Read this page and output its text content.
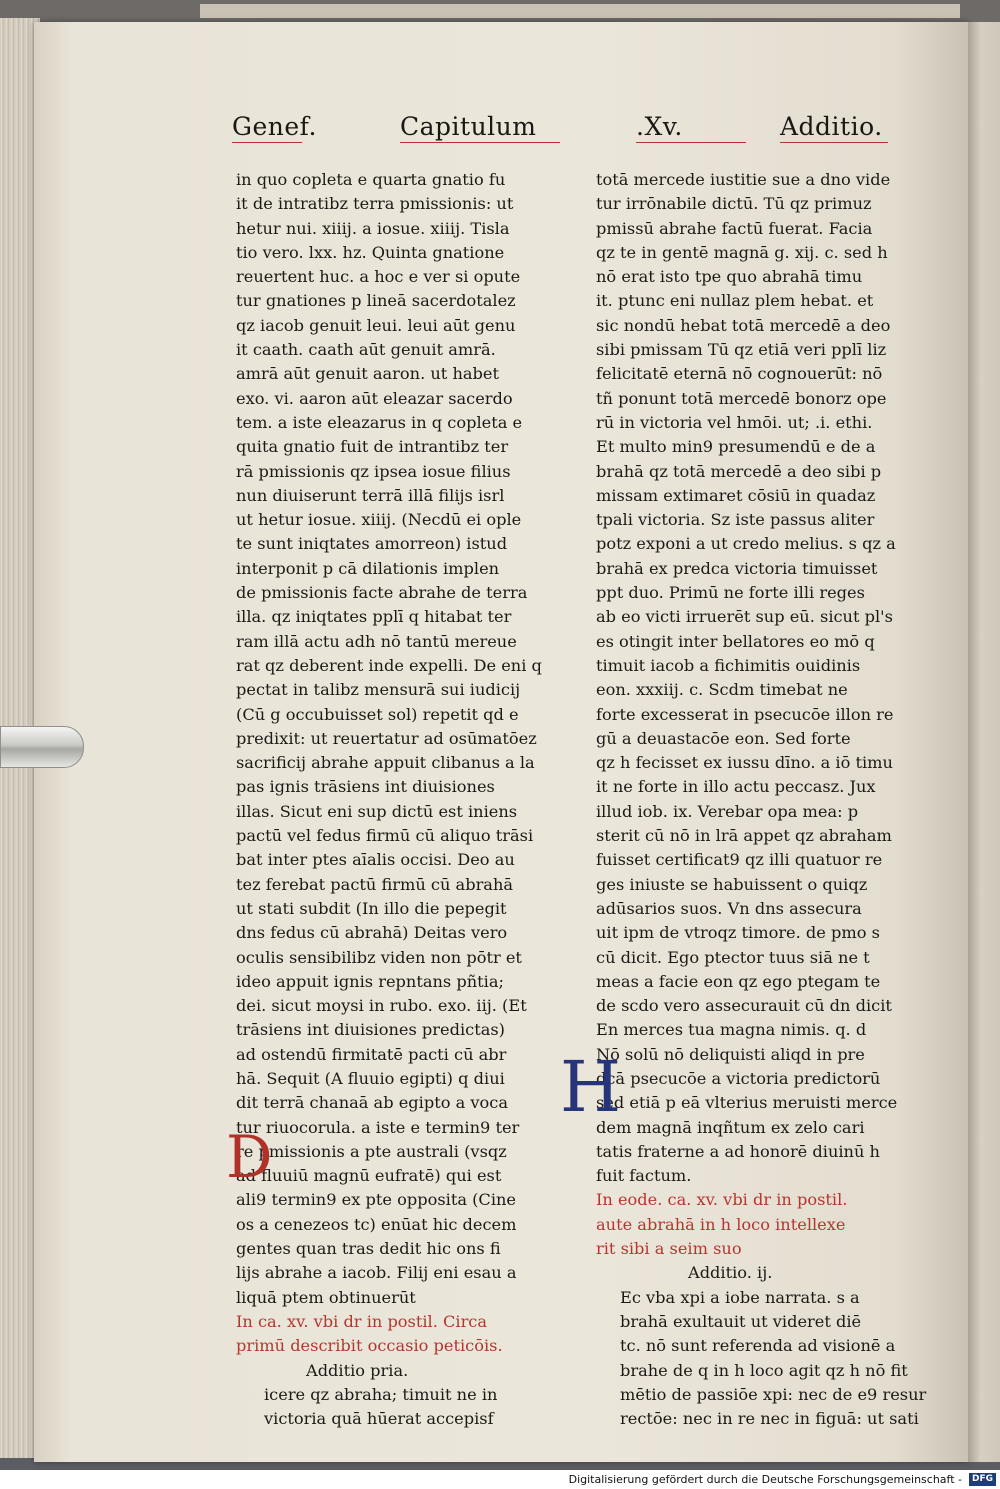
Genef.	Capitulum	.Xv.	Additio.
in quo copleta e quarta gnatio fu
it de intratibz terra pmissionis: ut
hetur nui. xiiij. a iosue. xiiij. Tisla
tio vero. lxx. hz. Quinta gnatione
reuertent huc. a hoc e ver si opute
tur gnationes p lineā sacerdotalez
qz iacob genuit leui. leui aūt genu
it caath. caath aūt genuit amrā.
amrā aūt genuit aaron. ut habet
exo. vi. aaron aūt eleazar sacerdo
tem. a iste eleazarus in q copleta e
quita gnatio fuit de intrantibz ter
rā pmissionis qz ipsea iosue filius
nun diuiserunt terrā illā filijs isrl
ut hetur iosue. xiiij. (Necdū ei ople
te sunt iniqtates amorreon) istud
interponit p cā dilationis implen
de pmissionis facte abrahe de terra
illa. qz iniqtates pplī q hitabat ter
ram illā actu adh nō tantū mereue
rat qz deberent inde expelli. De eni q
pectat in talibz mensurā sui iudicij
(Cū g occubuisset sol) repetit qd e
predixit: ut reuertatur ad osūmatōez
sacrificij abrahe appuit clibanus a la
pas ignis trāsiens int diuisiones
illas. Sicut eni sup dictū est iniens
pactū vel fedus firmū cū aliquo trāsi
bat inter ptes aīalis occisi. Deo au
tez ferebat pactū firmū cū abrahā
ut stati subdit (In illo die pepegit
dns fedus cū abrahā) Deitas vero
oculis sensibilibz viden non pōtr et
ideo appuit ignis repntans pñtia;
dei. sicut moysi in rubo. exo. iij. (Et
trāsiens int diuisiones predictas)
ad ostendū firmitatē pacti cū abr
hā. Sequit (A fluuio egipti) q diui
dit terrā chanaā ab egipto a voca
tur riuocorula. a iste e termin9 ter
re pmissionis a pte australi (vsqz
ad fluuiū magnū eufratē) qui est
ali9 termin9 ex pte opposita (Cine
os a cenezeos tc) enūat hic decem
gentes quan tras dedit hic ons fi
lijs abrahe a iacob. Filij eni esau a
liquā ptem obtinuerūt
In ca. xv. vbi dr in postil. Circa
primū describit occasio peticōis.
Additio pria.
icere qz abraha; timuit ne in
victoria quā hūerat accepisf
totā mercede iustitie sue a dno vide
tur irrōnabile dictū. Tū qz primuz
pmissū abrahe factū fuerat. Facia
qz te in gentē magnā g. xij. c. sed h
nō erat isto tpe quo abrahā timu
it. ptunc eni nullaz plem hebat. et
sic nondū hebat totā mercedē a deo
sibi pmissam Tū qz etiā veri pplī liz
felicitatē eternā nō cognouerūt: nō
tñ ponunt totā mercedē bonorz ope
rū in victoria vel hmōi. ut; .i. ethi.
Et multo min9 presumendū e de a
brahā qz totā mercedē a deo sibi p
missam extimaret cōsiū in quadaz
tpali victoria. Sz iste passus aliter
potz exponi a ut credo melius. s qz a
brahā ex predca victoria timuisset
ppt duo. Primū ne forte illi reges
ab eo victi irruerēt sup eū. sicut pl's
es otingit inter bellatores eo mō q
timuit iacob a fichimitis ouidinis
eon. xxxiij. c. Scdm timebat ne
forte excesserat in psecucōe illon re
gū a deuastacōe eon. Sed forte
qz h fecisset ex iussu dīno. a iō timu
it ne forte in illo actu peccasz. Jux
illud iob. ix. Verebar opa mea: p
sterit cū nō in lrā appet qz abraham
fuisset certificat9 qz illi quatuor re
ges iniuste se habuissent o quiqz
adūsarios suos. Vn dns assecura
uit ipm de vtroqz timore. de pmo s
cū dicit. Ego ptector tuus siā ne t
meas a facie eon qz ego ptegam te
de scdo vero assecurauit cū dn dicit
En merces tua magna nimis. q. d
Nō solū nō deliquisti aliqd in pre
dcā psecucōe a victoria predictorū
sed etiā p eā vlterius meruisti merce
dem magnā inqñtum ex zelo cari
tatis fraterne a ad honorē diuinū h
fuit factum.
In eode. ca. xv. vbi dr in postil.
aute abrahā in h loco intellexe
rit sibi a seim suo
Additio. ij.
Ec vba xpi a iobe narrata. s a
brahā exultauit ut videret diē
tc. nō sunt referenda ad visionē a
brahe de q in h loco agit qz h nō fit
mētio de passiōe xpi: nec de e9 resur
rectōe: nec in re nec in figuā: ut sati
Digitalisierung gefördert durch die Deutsche Forschungsgemeinschaft -	DFG
D
H
